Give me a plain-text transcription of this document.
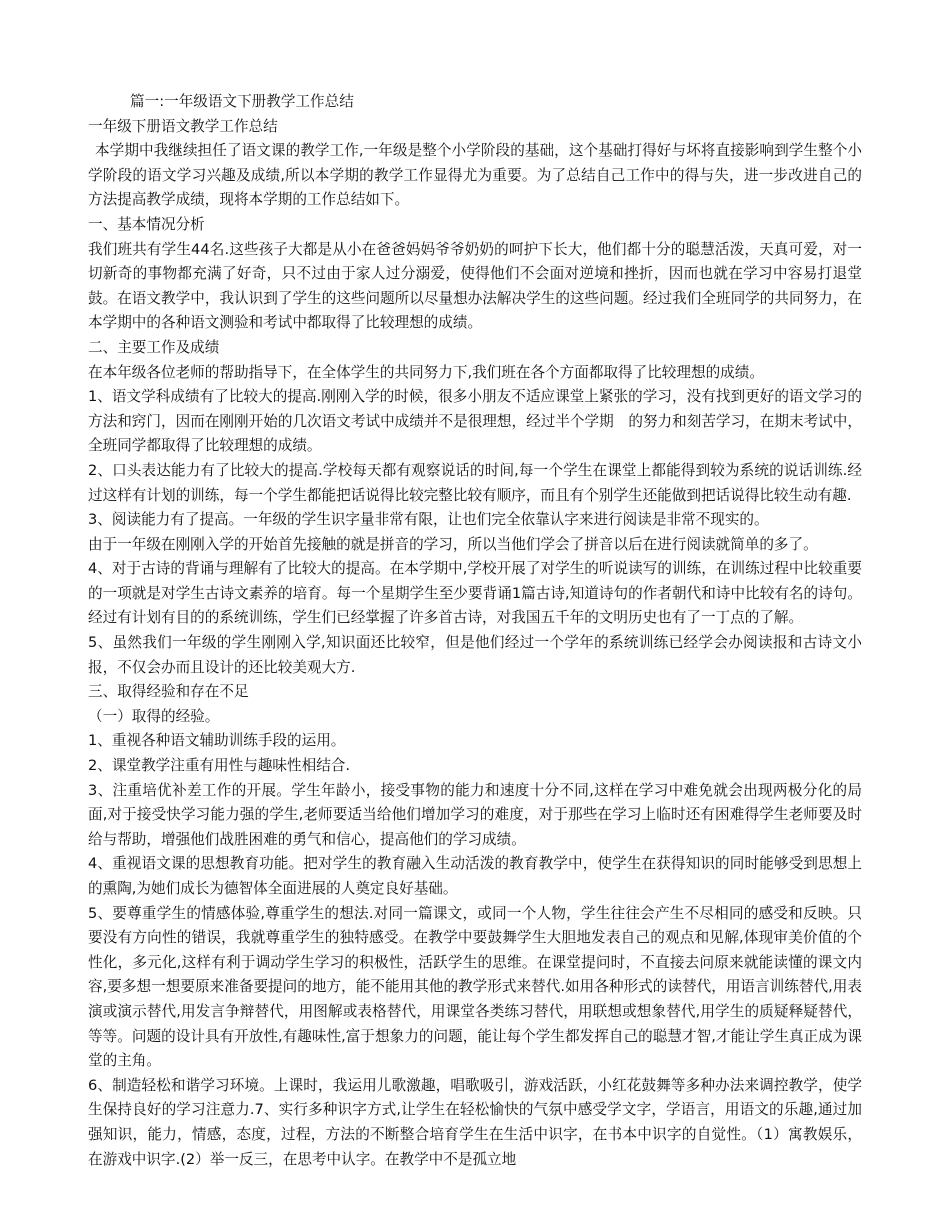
篇一:一年级语文下册教学工作总结

一年级下册语文教学工作总结

本学期中我继续担任了语文课的教学工作,一年级是整个小学阶段的基础，这个基础打得好与坏将直接影响到学生整个小学阶段的语文学习兴趣及成绩,所以本学期的教学工作显得尤为重要。为了总结自己工作中的得与失，进一步改进自己的方法提高教学成绩，现将本学期的工作总结如下。

一、基本情况分析

我们班共有学生44名.这些孩子大都是从小在爸爸妈妈爷爷奶奶的呵护下长大，他们都十分的聪慧活泼，天真可爱，对一切新奇的事物都充满了好奇，只不过由于家人过分溺爱，使得他们不会面对逆境和挫折，因而也就在学习中容易打退堂鼓。在语文教学中，我认识到了学生的这些问题所以尽量想办法解决学生的这些问题。经过我们全班同学的共同努力，在本学期中的各种语文测验和考试中都取得了比较理想的成绩。

二、主要工作及成绩

在本年级各位老师的帮助指导下，在全体学生的共同努力下,我们班在各个方面都取得了比较理想的成绩。

1、语文学科成绩有了比较大的提高.刚刚入学的时候，很多小朋友不适应课堂上紧张的学习，没有找到更好的语文学习的方法和窍门，因而在刚刚开始的几次语文考试中成绩并不是很理想，经过半个学期　的努力和刻苦学习，在期末考试中，全班同学都取得了比较理想的成绩。

2、口头表达能力有了比较大的提高.学校每天都有观察说话的时间,每一个学生在课堂上都能得到较为系统的说话训练.经过这样有计划的训练，每一个学生都能把话说得比较完整比较有顺序，而且有个别学生还能做到把话说得比较生动有趣.

3、阅读能力有了提高。一年级的学生识字量非常有限，让也们完全依靠认字来进行阅读是非常不现实的。

由于一年级在刚刚入学的开始首先接触的就是拼音的学习，所以当他们学会了拼音以后在进行阅读就简单的多了。

4、对于古诗的背诵与理解有了比较大的提高。在本学期中,学校开展了对学生的听说读写的训练，在训练过程中比较重要的一项就是对学生古诗文素养的培育。每一个星期学生至少要背诵1篇古诗,知道诗句的作者朝代和诗中比较有名的诗句。经过有计划有目的的系统训练，学生们已经掌握了许多首古诗，对我国五千年的文明历史也有了一丁点的了解。

5、虽然我们一年级的学生刚刚入学,知识面还比较窄，但是他们经过一个学年的系统训练已经学会办阅读报和古诗文小报，不仅会办而且设计的还比较美观大方.

三、取得经验和存在不足

（一）取得的经验。

1、重视各种语文辅助训练手段的运用。

2、课堂教学注重有用性与趣味性相结合.

3、注重培优补差工作的开展。学生年龄小，接受事物的能力和速度十分不同,这样在学习中难免就会出现两极分化的局面,对于接受快学习能力强的学生,老师要适当给他们增加学习的难度，对于那些在学习上临时还有困难得学生老师要及时给与帮助，增强他们战胜困难的勇气和信心，提高他们的学习成绩。

4、重视语文课的思想教育功能。把对学生的教育融入生动活泼的教育教学中，使学生在获得知识的同时能够受到思想上的熏陶,为她们成长为德智体全面进展的人奠定良好基础。

5、要尊重学生的情感体验,尊重学生的想法.对同一篇课文，或同一个人物，学生往往会产生不尽相同的感受和反映。只要没有方向性的错误，我就尊重学生的独特感受。在教学中要鼓舞学生大胆地发表自己的观点和见解,体现审美价值的个性化，多元化,这样有利于调动学生学习的积极性，活跃学生的思维。在课堂提问时，不直接去问原来就能读懂的课文内容,要多想一想要原来准备要提问的地方，能不能用其他的教学形式来替代.如用各种形式的读替代，用语言训练替代,用表演或演示替代,用发言争辩替代，用图解或表格替代，用课堂各类练习替代，用联想或想象替代,用学生的质疑释疑替代，等等。问题的设计具有开放性,有趣味性,富于想象力的问题，能让每个学生都发挥自己的聪慧才智,才能让学生真正成为课堂的主角。

6、制造轻松和谐学习环境。上课时，我运用儿歌激趣，唱歌吸引，游戏活跃，小红花鼓舞等多种办法来调控教学，使学生保持良好的学习注意力.7、实行多种识字方式,让学生在轻松愉快的气氛中感受学文字，学语言，用语文的乐趣,通过加强知识，能力，情感，态度，过程，方法的不断整合培育学生在生活中识字，在书本中识字的自觉性。（1）寓教娱乐，在游戏中识字.(2）举一反三，在思考中认字。在教学中不是孤立地
